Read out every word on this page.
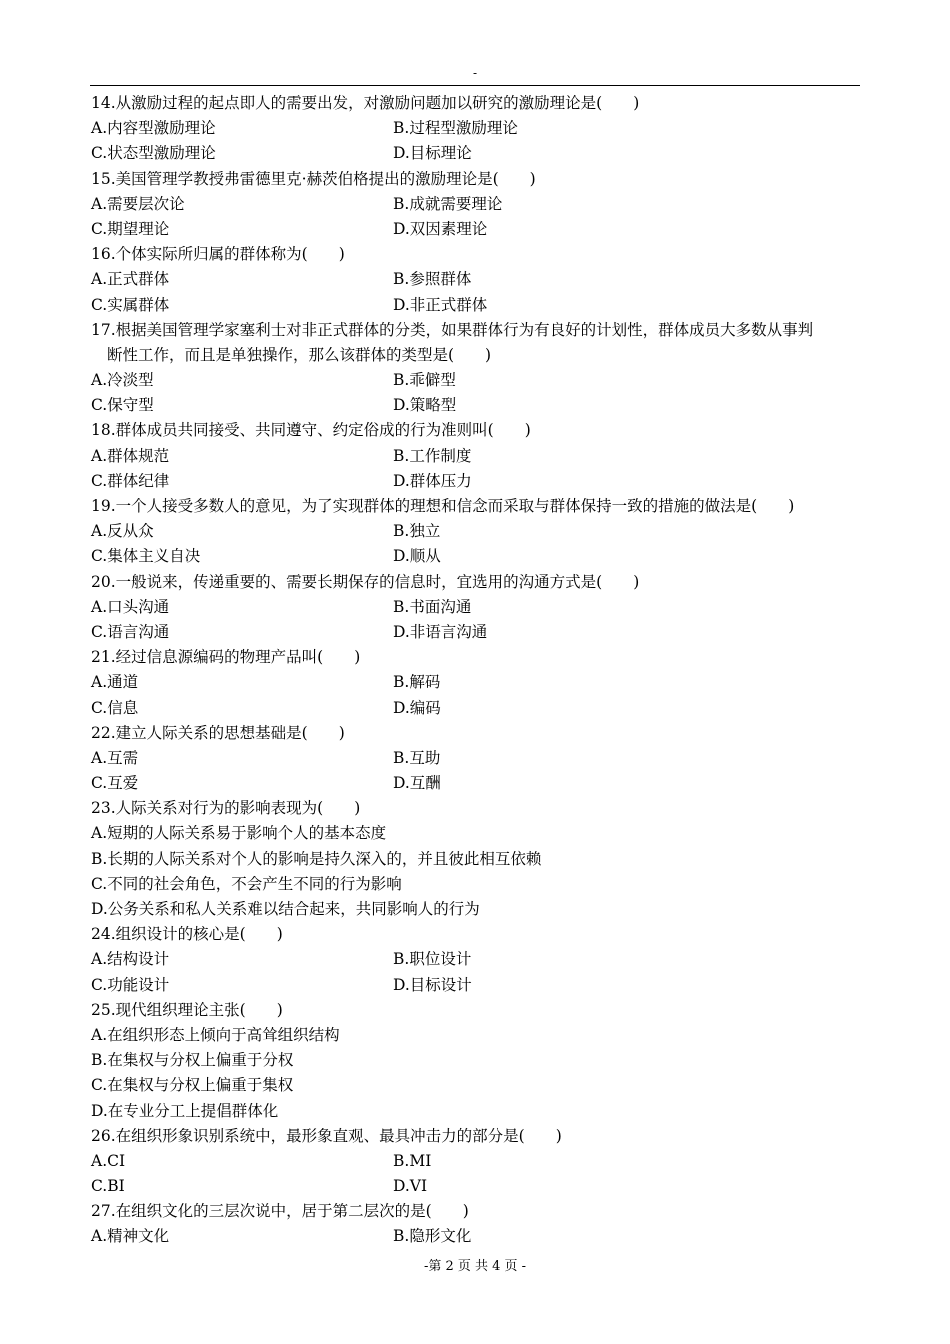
-
14.从激励过程的起点即人的需要出发，对激励问题加以研究的激励理论是(　　)
A.内容型激励理论	B.过程型激励理论
C.状态型激励理论	D.目标理论
15.美国管理学教授弗雷德里克·赫茨伯格提出的激励理论是(　　)
A.需要层次论	B.成就需要理论
C.期望理论	D.双因素理论
16.个体实际所归属的群体称为(　　)
A.正式群体	B.参照群体
C.实属群体	D.非正式群体
17.根据美国管理学家塞利士对非正式群体的分类，如果群体行为有良好的计划性，群体成员大多数从事判
断性工作，而且是单独操作，那么该群体的类型是(　　)
A.冷淡型	B.乖僻型
C.保守型	D.策略型
18.群体成员共同接受、共同遵守、约定俗成的行为准则叫(　　)
A.群体规范	B.工作制度
C.群体纪律	D.群体压力
19.一个人接受多数人的意见，为了实现群体的理想和信念而采取与群体保持一致的措施的做法是(　　)
A.反从众	B.独立
C.集体主义自决	D.顺从
20.一般说来，传递重要的、需要长期保存的信息时，宜选用的沟通方式是(　　)
A.口头沟通	B.书面沟通
C.语言沟通	D.非语言沟通
21.经过信息源编码的物理产品叫(　　)
A.通道	B.解码
C.信息	D.编码
22.建立人际关系的思想基础是(　　)
A.互需	B.互助
C.互爱	D.互酬
23.人际关系对行为的影响表现为(　　)
A.短期的人际关系易于影响个人的基本态度
B.长期的人际关系对个人的影响是持久深入的，并且彼此相互依赖
C.不同的社会角色，不会产生不同的行为影响
D.公务关系和私人关系难以结合起来，共同影响人的行为
24.组织设计的核心是(　　)
A.结构设计	B.职位设计
C.功能设计	D.目标设计
25.现代组织理论主张(　　)
A.在组织形态上倾向于高耸组织结构
B.在集权与分权上偏重于分权
C.在集权与分权上偏重于集权
D.在专业分工上提倡群体化
26.在组织形象识别系统中，最形象直观、最具冲击力的部分是(　　)
A.CI	B.MI
C.BI	D.VI
27.在组织文化的三层次说中，居于第二层次的是(　　)
A.精神文化	B.隐形文化
-第 2 页 共 4 页 -
